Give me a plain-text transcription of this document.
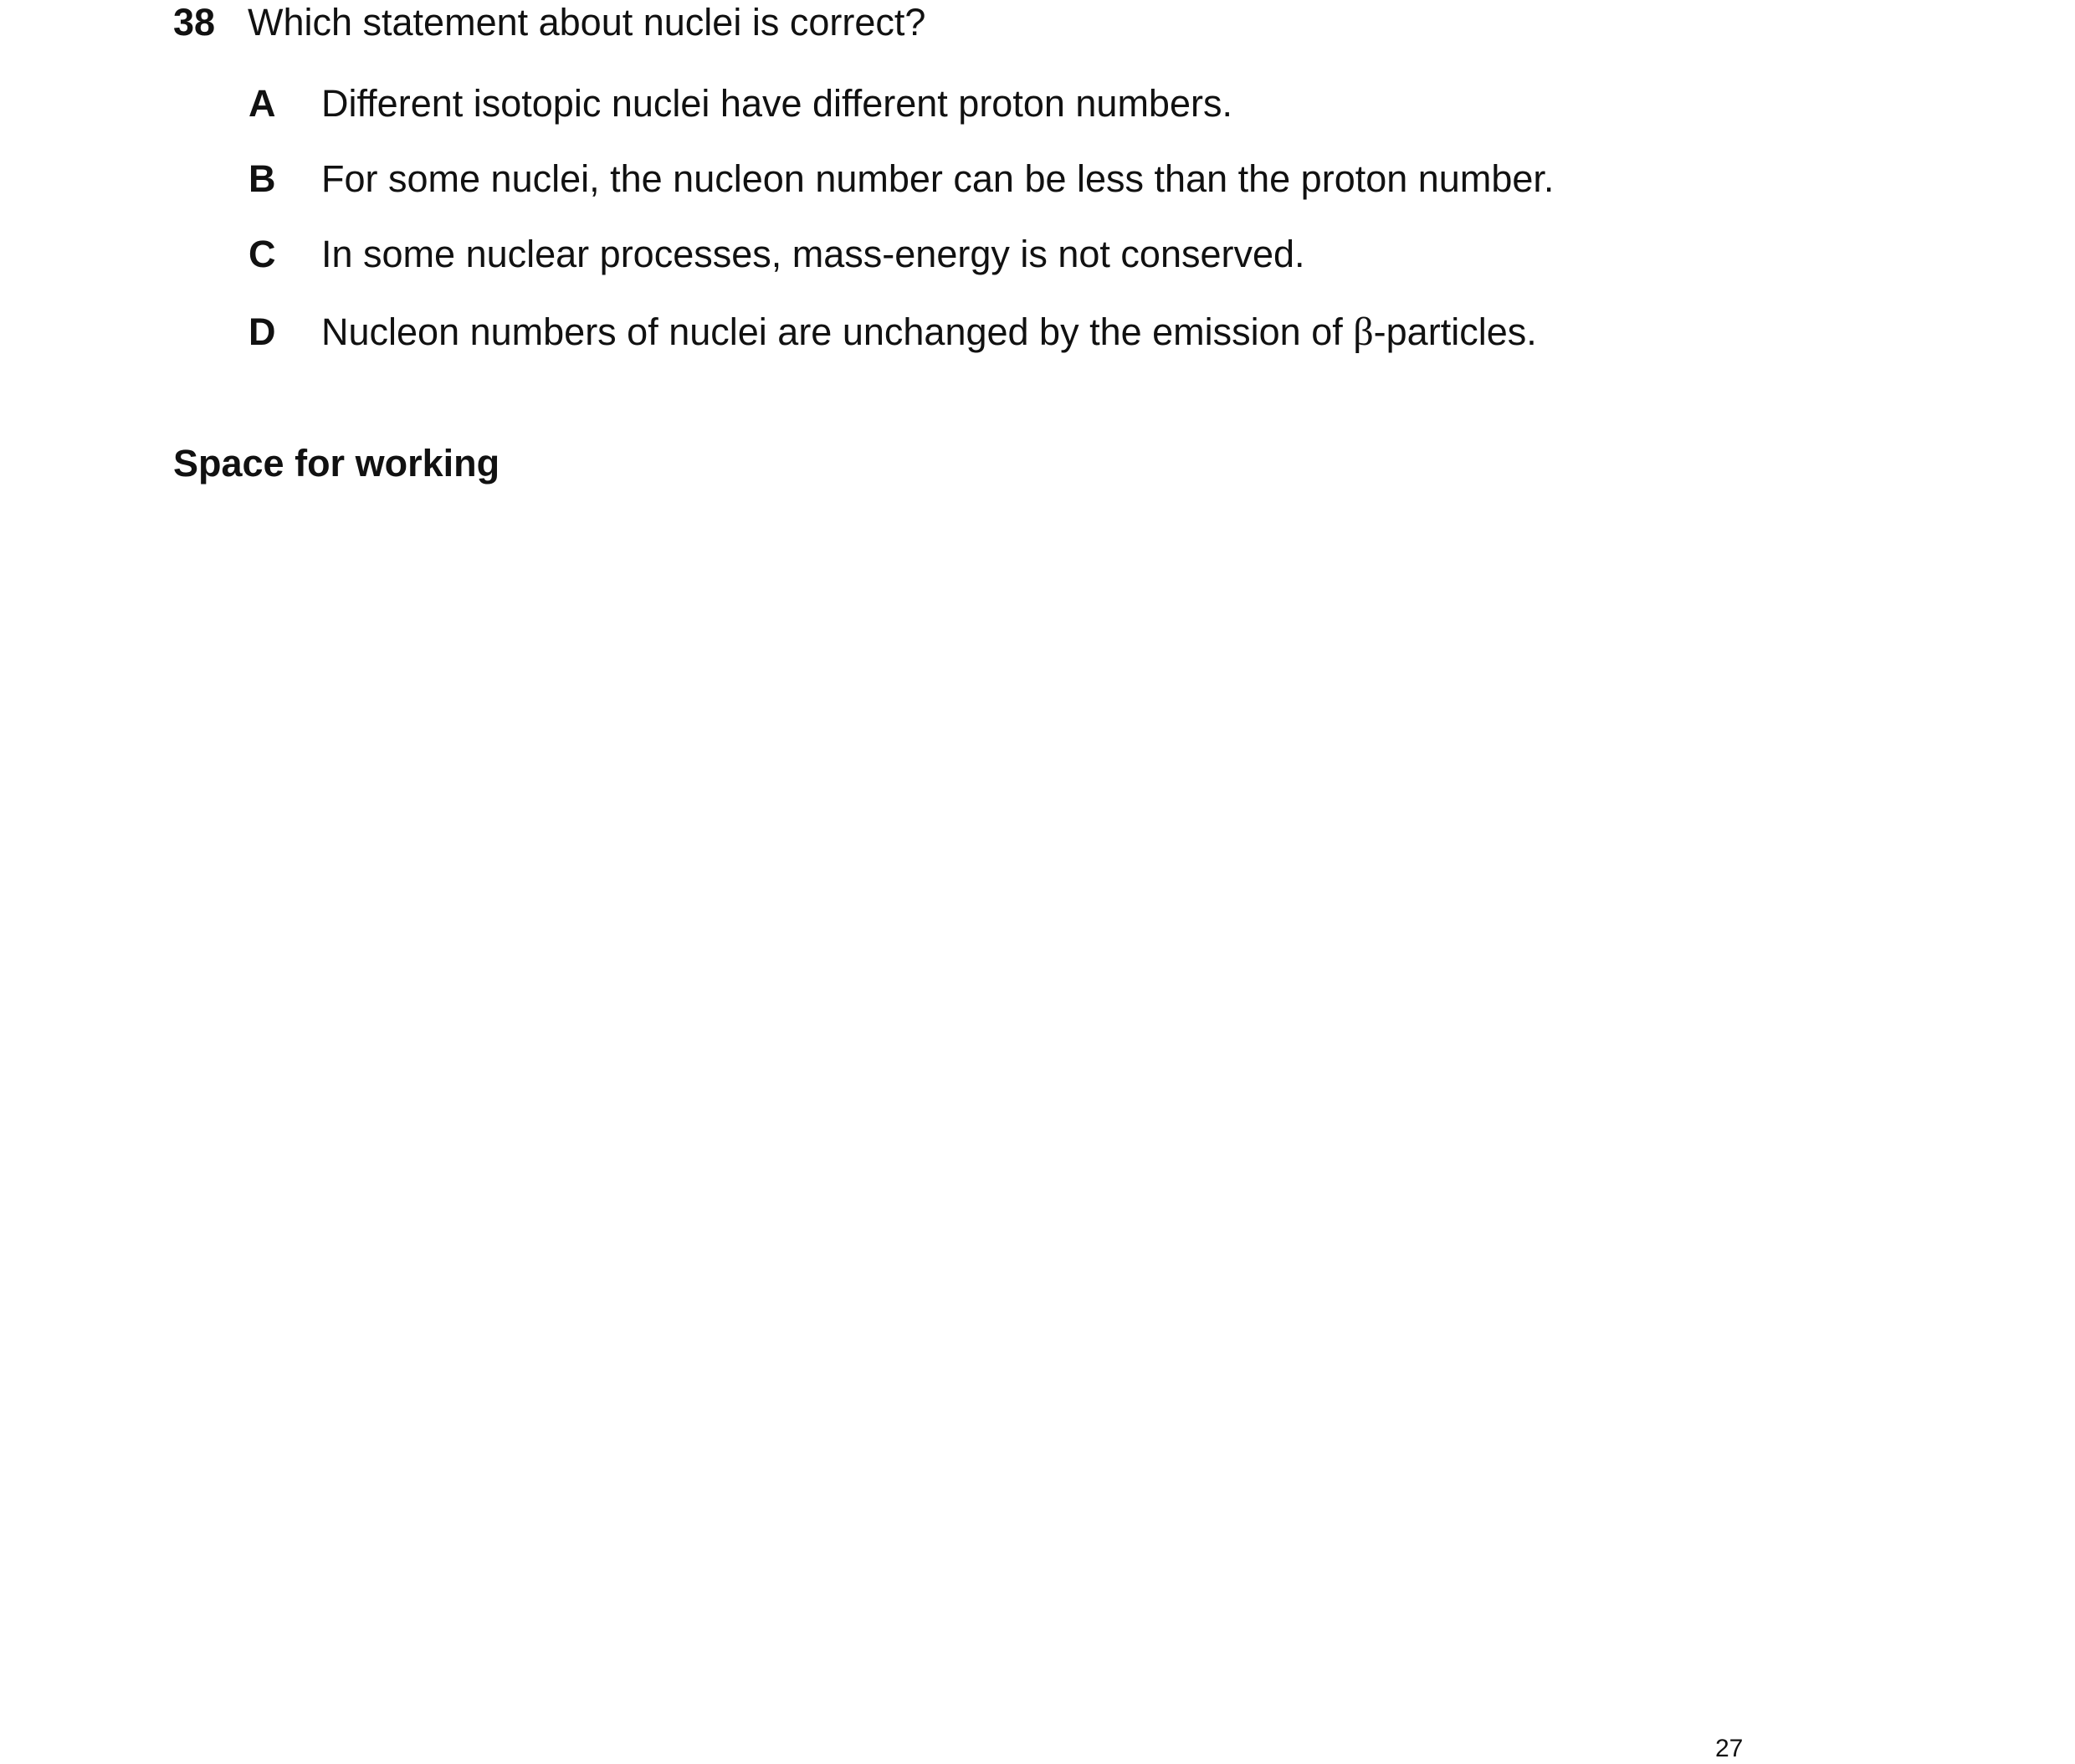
38 Which statement about nuclei is correct?
A Different isotopic nuclei have different proton numbers.
B For some nuclei, the nucleon number can be less than the proton number.
C In some nuclear processes, mass-energy is not conserved.
D Nucleon numbers of nuclei are unchanged by the emission of β-particles.
Space for working
27
